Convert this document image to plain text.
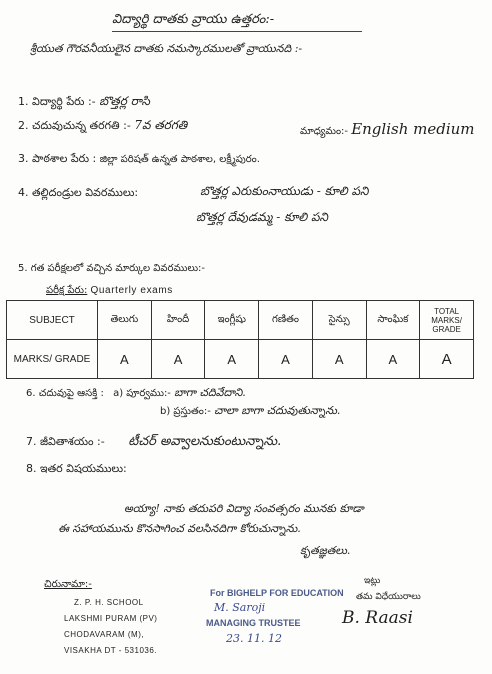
విద్యార్థి దాతకు వ్రాయు ఉత్తరం:-
శ్రీయుత గౌరవనీయులైన దాతకు నమస్కారములతో వ్రాయునది :-
1. విద్యార్థి పేరు :- బొత్తర్ల రాసి
2. చదువుచున్న తరగతి :- 7వ తరగతి	మాధ్యమం:- English medium
3. పాఠశాల పేరు : జిల్లా పరిషత్ ఉన్నత పాఠశాల, లక్ష్మీపురం.
4. తల్లిదండ్రుల వివరములు:	బొత్తర్ల ఎరుకుంనాయుడు - కూలి పని
బొత్తర్ల దేవుడమ్మ - కూలి పని
5. గత పరీక్షలలో వచ్చిన మార్కుల వివరములు:-
పరీక్ష పేరు: Quarterly exams
SUBJECT	తెలుగు	హిందీ	ఇంగ్లీషు	గణితం	సైన్సు	సాంఘిక	TOTAL MARKS/ GRADE
MARKS/ GRADE	A	A	A	A	A	A	A
6. చదువుపై ఆసక్తి : a) పూర్వము:- బాగా చదివేదాని.
b) ప్రస్తుతం:- చాలా బాగా చదువుతున్నాను.
7. జీవితాశయం :- టీచర్ అవ్వాలనుకుంటున్నాను.
8. ఇతర విషయములు:
అయ్యా! నాకు తదుపరి విద్యా సంవత్సరం మునకు కూడా
ఈ సహాయమును కొనసాగించ వలసినదిగా కోరుచున్నాను.
కృతజ్ఞతలు.
చిరునామా:-
Z. P. H. SCHOOL
LAKSHMI PURAM (PV)
CHODAVARAM (M),
VISAKHA DT - 531036.
For BIGHELP FOR EDUCATION
M. Saroji
MANAGING TRUSTEE
23. 11. 12
ఇట్లు
తమ విధేయురాలు
B. Raasi
